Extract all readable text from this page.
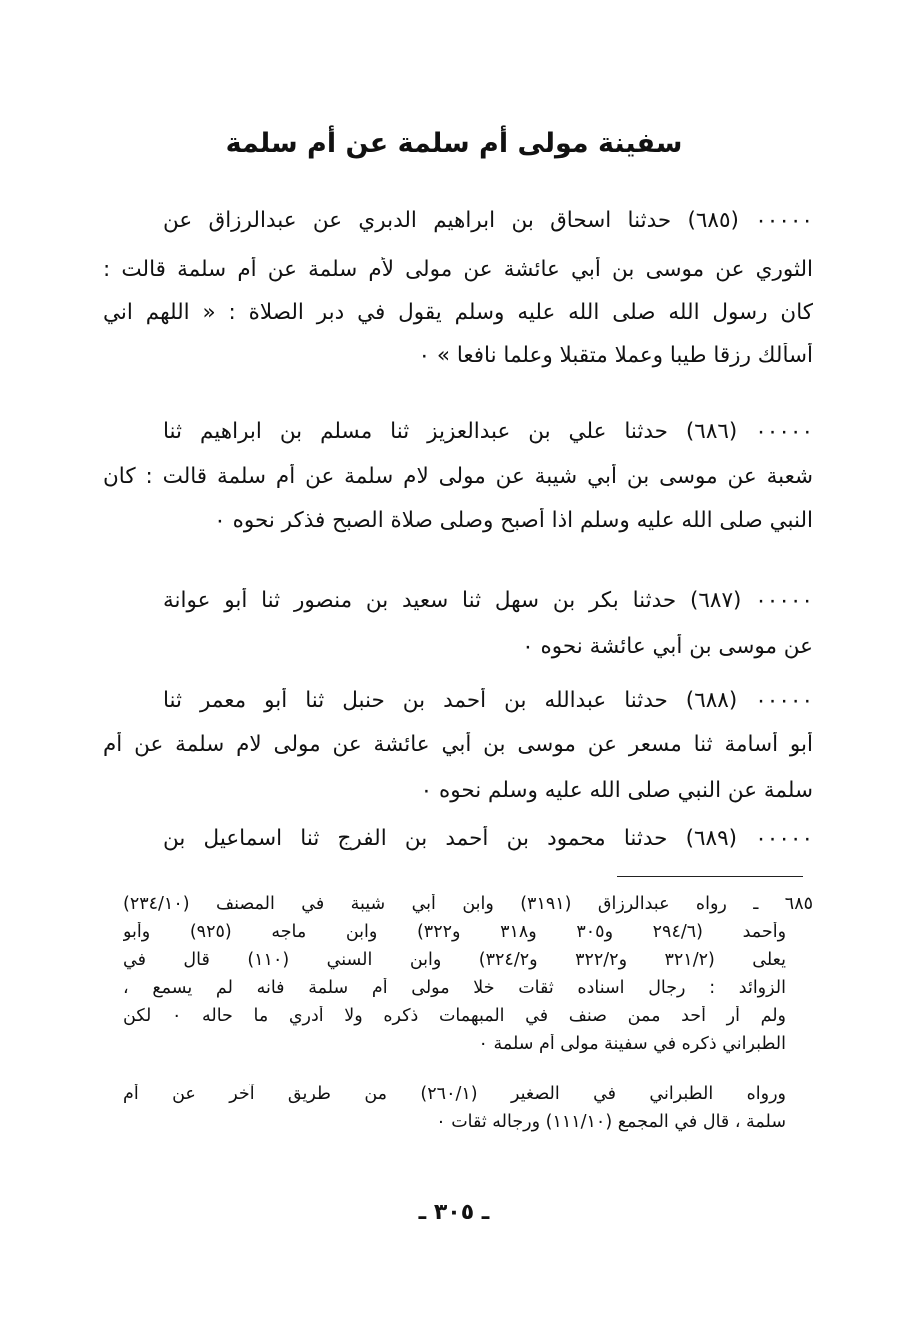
سفينة مولى أم سلمة عن أم سلمة
٠٠٠٠٠ (٦٨٥) حدثنا اسحاق بن ابراهيم الدبري عن عبدالرزاق عن
الثوري عن موسى بن أبي عائشة عن مولى لأم سلمة عن أم سلمة قالت :
كان رسول الله صلى الله عليه وسلم يقول في دبر الصلاة : « اللهم اني
أسألك رزقا طيبا وعملا متقبلا وعلما نافعا » ٠
٠٠٠٠٠ (٦٨٦) حدثنا علي بن عبدالعزيز ثنا مسلم بن ابراهيم ثنا
شعبة عن موسى بن أبي شيبة عن مولى لام سلمة عن أم سلمة قالت : كان
النبي صلى الله عليه وسلم اذا أصبح وصلى صلاة الصبح فذكر نحوه ٠
٠٠٠٠٠ (٦٨٧) حدثنا بكر بن سهل ثنا سعيد بن منصور ثنا أبو عوانة
عن موسى بن أبي عائشة نحوه ٠
٠٠٠٠٠ (٦٨٨) حدثنا عبدالله بن أحمد بن حنبل ثنا أبو معمر ثنا
أبو أسامة ثنا مسعر عن موسى بن أبي عائشة عن مولى لام سلمة عن أم
سلمة عن النبي صلى الله عليه وسلم نحوه ٠
٠٠٠٠٠ (٦٨٩) حدثنا محمود بن أحمد بن الفرج ثنا اسماعيل بن
٦٨٥ ـ رواه عبدالرزاق (٣١٩١) وابن أبي شيبة في المصنف (٢٣٤/١٠)
وأحمد (٢٩٤/٦ و٣٠٥ و٣١٨ و٣٢٢) وابن ماجه (٩٢٥) وأبو
يعلى (٣٢١/٢ و٣٢٢/٢ و٣٢٤/٢) وابن السني (١١٠) قال في
الزوائد : رجال اسناده ثقات خلا مولى أم سلمة فانه لم يسمع ،
ولم أر أحد ممن صنف في المبهمات ذكره ولا أدري ما حاله ٠ لكن
الطبراني ذكره في سفينة مولى أم سلمة ٠
ورواه الطبراني في الصغير (٢٦٠/١) من طريق آخر عن أم
سلمة ، قال في المجمع (١١١/١٠) ورجاله ثقات ٠
ـ ٣٠٥ ـ
